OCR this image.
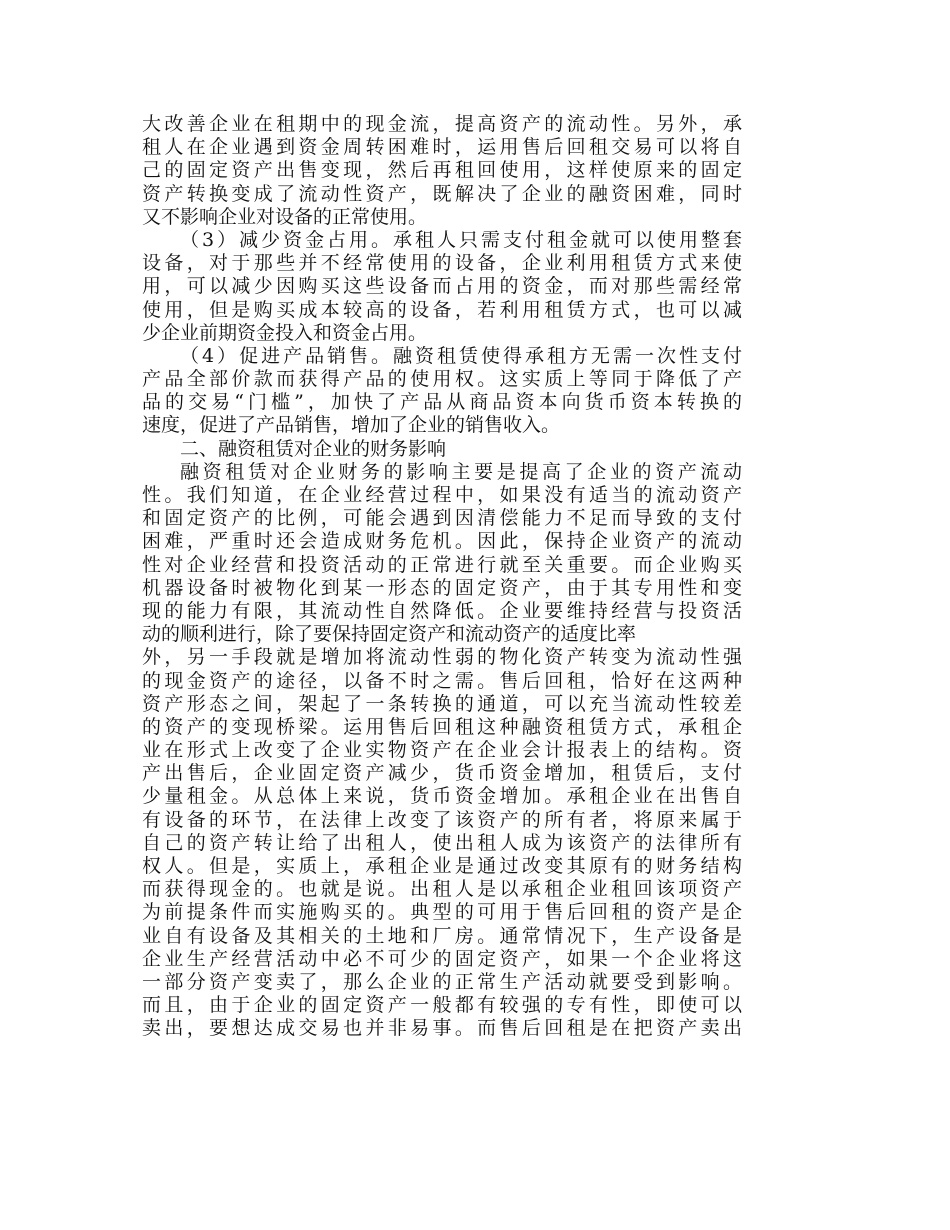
大改善企业在租期中的现金流，提高资产的流动性。另外，承
租人在企业遇到资金周转困难时，运用售后回租交易可以将自
己的固定资产出售变现，然后再租回使用，这样使原来的固定
资产转换变成了流动性资产，既解决了企业的融资困难，同时
又不影响企业对设备的正常使用。
（3）减少资金占用。承租人只需支付租金就可以使用整套
设备，对于那些并不经常使用的设备，企业利用租赁方式来使
用，可以减少因购买这些设备而占用的资金，而对那些需经常
使用，但是购买成本较高的设备，若利用租赁方式，也可以减
少企业前期资金投入和资金占用。
（4）促进产品销售。融资租赁使得承租方无需一次性支付
产品全部价款而获得产品的使用权。这实质上等同于降低了产
品的交易“门槛”，加快了产品从商品资本向货币资本转换的
速度，促进了产品销售，增加了企业的销售收入。
二、融资租赁对企业的财务影响
融资租赁对企业财务的影响主要是提高了企业的资产流动
性。我们知道，在企业经营过程中，如果没有适当的流动资产
和固定资产的比例，可能会遇到因清偿能力不足而导致的支付
困难，严重时还会造成财务危机。因此，保持企业资产的流动
性对企业经营和投资活动的正常进行就至关重要。而企业购买
机器设备时被物化到某一形态的固定资产，由于其专用性和变
现的能力有限，其流动性自然降低。企业要维持经营与投资活
动的顺利进行，除了要保持固定资产和流动资产的适度比率
外，另一手段就是增加将流动性弱的物化资产转变为流动性强
的现金资产的途径，以备不时之需。售后回租，恰好在这两种
资产形态之间，架起了一条转换的通道，可以充当流动性较差
的资产的变现桥梁。运用售后回租这种融资租赁方式，承租企
业在形式上改变了企业实物资产在企业会计报表上的结构。资
产出售后，企业固定资产减少，货币资金增加，租赁后，支付
少量租金。从总体上来说，货币资金增加。承租企业在出售自
有设备的环节，在法律上改变了该资产的所有者，将原来属于
自己的资产转让给了出租人，使出租人成为该资产的法律所有
权人。但是，实质上，承租企业是通过改变其原有的财务结构
而获得现金的。也就是说。出租人是以承租企业租回该项资产
为前提条件而实施购买的。典型的可用于售后回租的资产是企
业自有设备及其相关的土地和厂房。通常情况下，生产设备是
企业生产经营活动中必不可少的固定资产，如果一个企业将这
一部分资产变卖了，那么企业的正常生产活动就要受到影响。
而且，由于企业的固定资产一般都有较强的专有性，即使可以
卖出，要想达成交易也并非易事。而售后回租是在把资产卖出
